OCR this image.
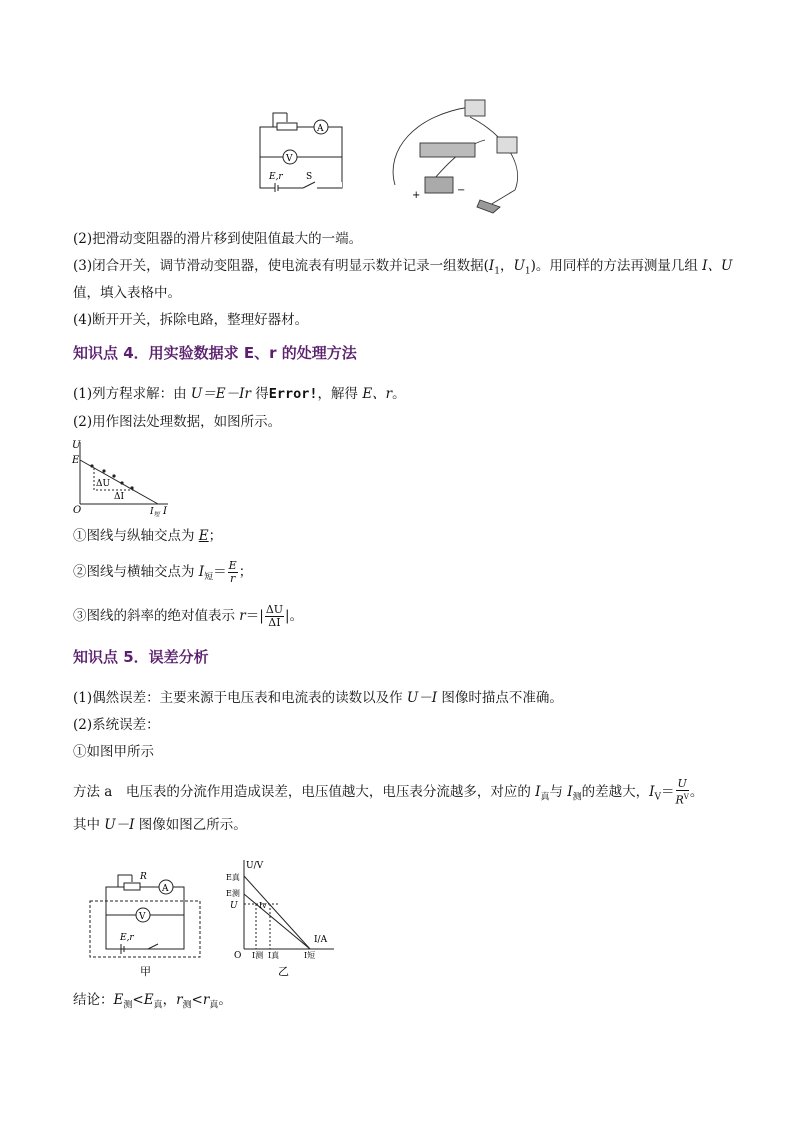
A
V
E,r	S
+	−
(2)把滑动变阻器的滑片移到使阻值最大的一端。
(3)闭合开关，调节滑动变阻器，使电流表有明显示数并记录一组数据($I_1$，$U_1$)。用同样的方法再测量几组 I、U
值，填入表格中。
(4)断开开关，拆除电路，整理好器材。
知识点 4．用实验数据求 E、r 的处理方法
(1)列方程求解：由 U＝E－Ir 得Error!，解得 E、r。
(2)用作图法处理数据，如图所示。
U
E
O
ΔU
ΔI
$I_短$ I
①图线与纵轴交点为 E；
②图线与横轴交点为 $I_短= \frac{E}{r}$ ；
③图线的斜率的绝对值表示 $r=| \frac{\Delta U}{\Delta I}$ |。
知识点 5．误差分析
(1)偶然误差：主要来源于电压表和电流表的读数以及作 U－I 图像时描点不准确。
(2)系统误差：
①如图甲所示
方法 a　电压表的分流作用造成误差，电压值越大，电压表分流越多，对应的 $I_真$与 $I_测$的差越大，$I_V= \frac{U}{R^V}$ 。
其中 U－I 图像如图乙所示。
R
A
V
E,r
甲
U/V
E真
E测
U	Iv
O I测 I真
I/A
I短
乙
结论：$E_测<E_真$，$r_测<r_真$。
